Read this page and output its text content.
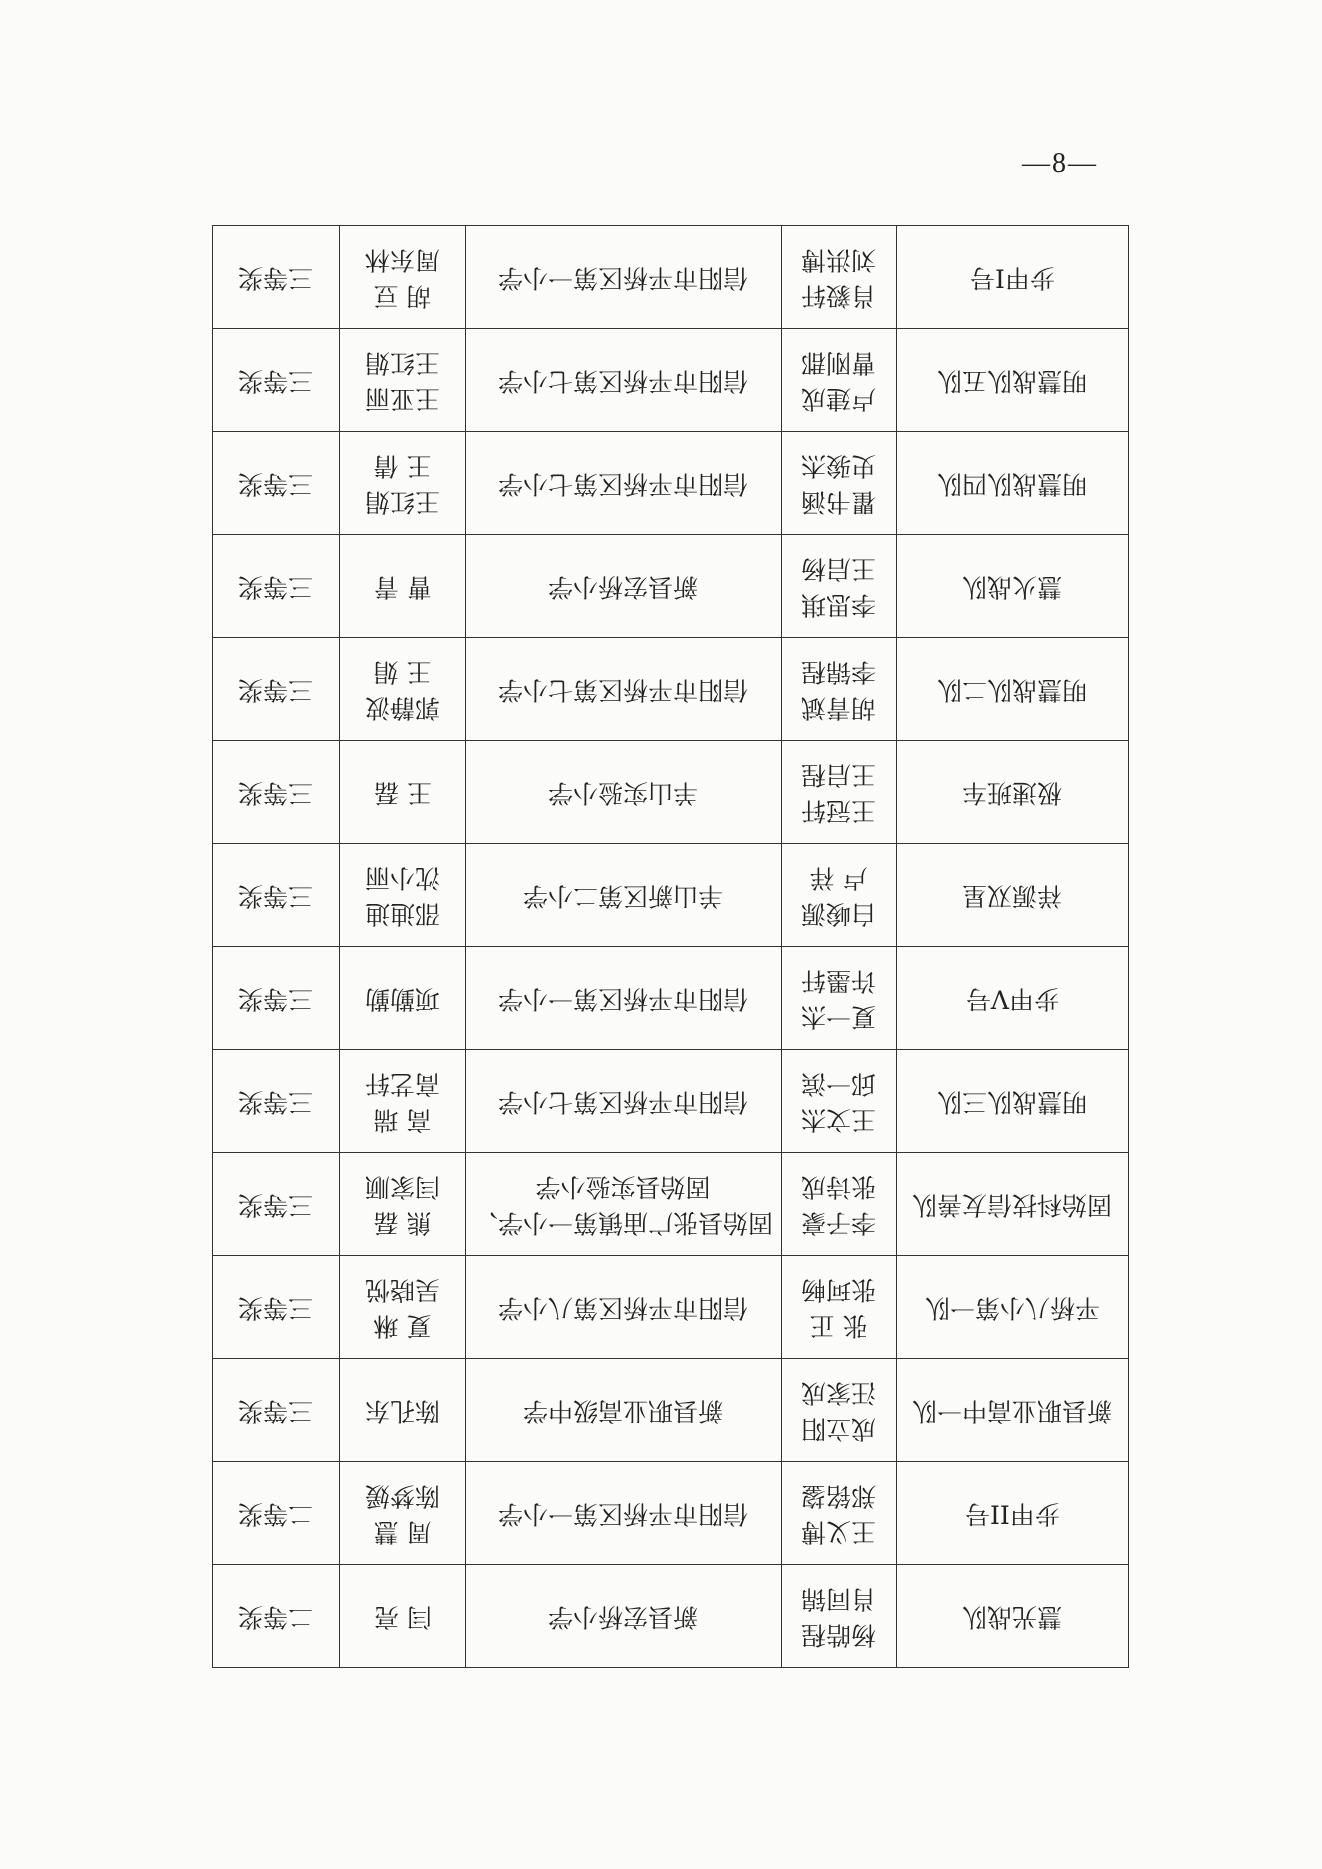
—8—
三等奖	胡 豆
周东林	信阳市平桥区第一小学	肖毅轩
刘洪博	步甲I号
三等奖	王亚丽
王红娟	信阳市平桥区第七小学	卢建成
曹刚郡	明慧战队五队
三等奖	王红娟
王 倩	信阳市平桥区第七小学	瞿书涵
史骏杰	明慧战队四队
三等奖	曹 青	新县宏桥小学	李思琪
王启杨	慧火战队
三等奖	郭静波
王 娟	信阳市平桥区第七小学	胡青斌
李锦程	明慧战队二队
三等奖	王 磊	羊山实验小学	王冠轩
王启程	极速班车
三等奖	邵迪迪
沈小丽	羊山新区第二小学	白峻源
卢 祥	祥源双星
三等奖	项勤勤	信阳市平桥区第一小学	夏一杰
许墨轩	步甲V号
三等奖	高 瑞
高艺轩	信阳市平桥区第七小学	王文杰
邱一滨	明慧战队三队
三等奖	熊 磊
闫家顺	固始县张广庙镇第一小学、
固始县实验小学	李子豪
张诗成	固始科技信友善队
三等奖	夏 琳
吴晓悦	信阳市平桥区第八小学	张 正
张珂畅	平桥八小第一队
三等奖	陈孔东	新县职业高级中学	成立阳
汪家成	新县职业高中一队
二等奖	周 慧
陈梦媛	信阳市平桥区第一小学	王义博
郑铭鋆	步甲II号
二等奖	闫 亮	新县宏桥小学	杨皓程
肖同锦	慧光战队
